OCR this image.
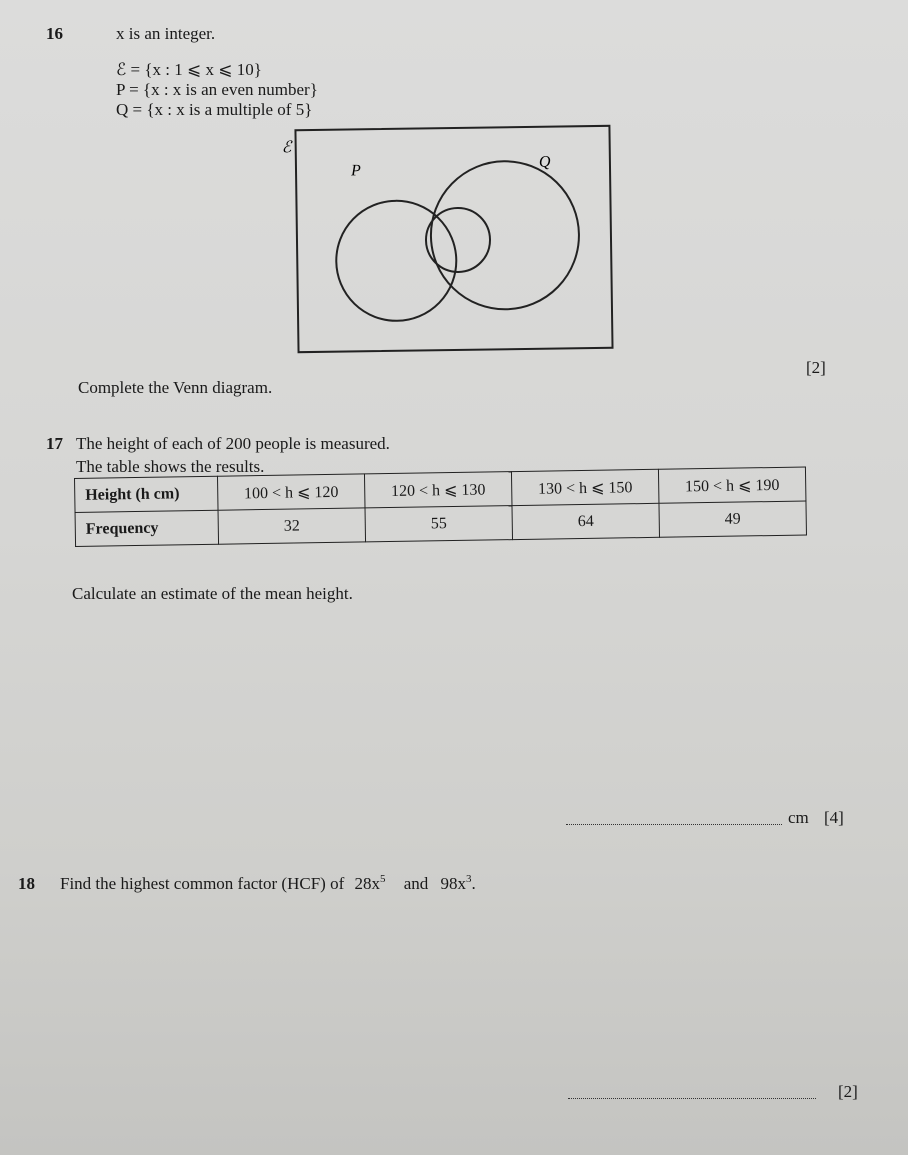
16	x is an integer.
ℰ = {x : 1 ⩽ x ⩽ 10}
P = {x : x is an even number}
Q = {x : x is a multiple of 5}
ℰ
P
Q
[2]
Complete the Venn diagram.
17 The height of each of 200 people is measured.
The table shows the results.
Height (h cm)	100 < h ⩽ 120	120 < h ⩽ 130	130 < h ⩽ 150	150 < h ⩽ 190
Frequency	32	55	64	49
Calculate an estimate of the mean height.
cm [4]
18 Find the highest common factor (HCF) of $28x^5$ and $98x^3$.
[2]
